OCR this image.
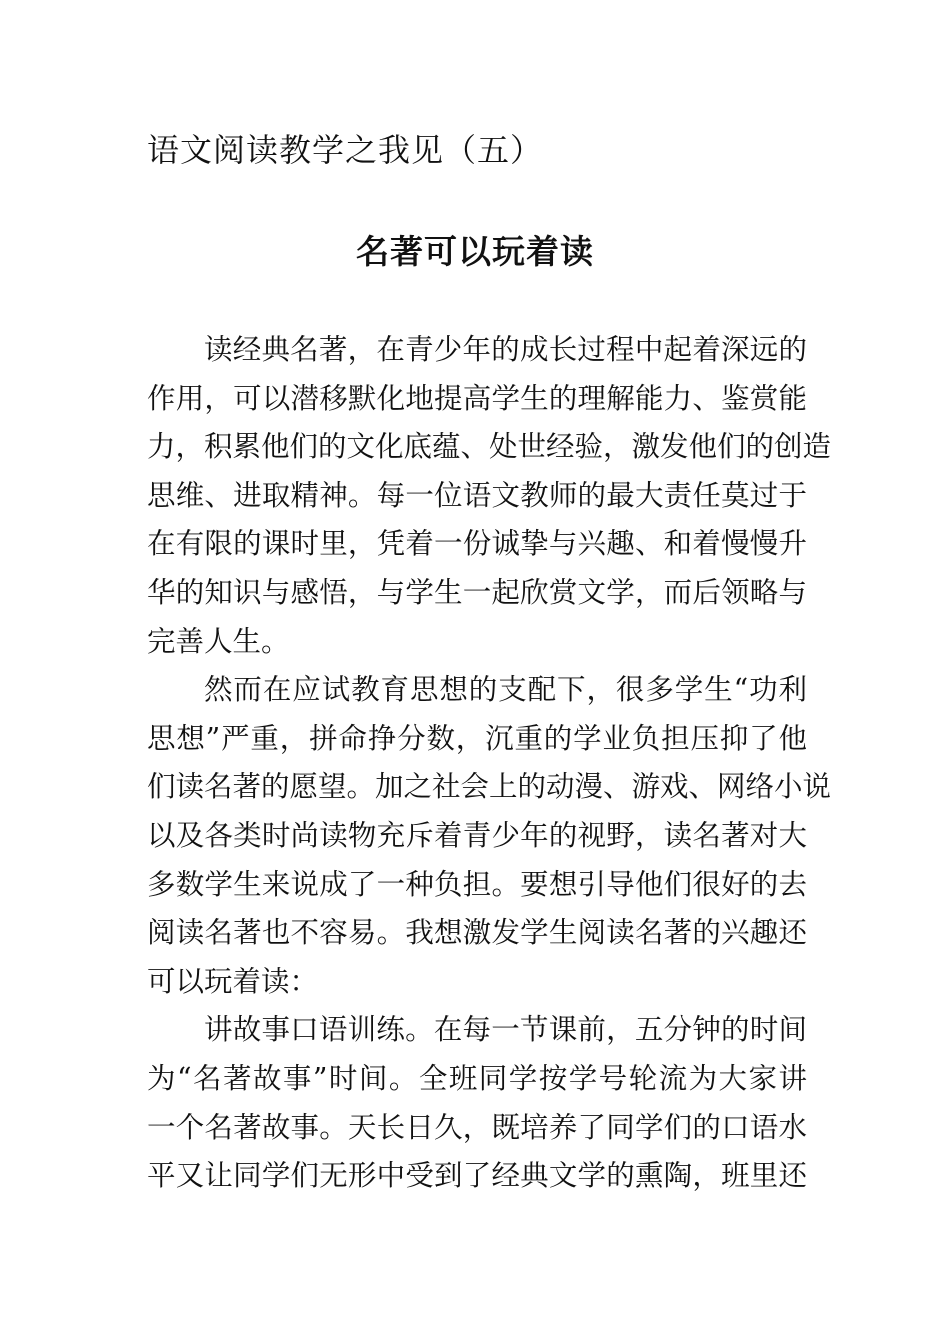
语文阅读教学之我见（五）
名著可以玩着读
读经典名著，在青少年的成长过程中起着深远的
作用，可以潜移默化地提高学生的理解能力、鉴赏能
力，积累他们的文化底蕴、处世经验，激发他们的创造
思维、进取精神。每一位语文教师的最大责任莫过于
在有限的课时里，凭着一份诚挚与兴趣、和着慢慢升
华的知识与感悟，与学生一起欣赏文学，而后领略与
完善人生。
然而在应试教育思想的支配下，很多学生“功利
思想”严重，拼命挣分数，沉重的学业负担压抑了他
们读名著的愿望。加之社会上的动漫、游戏、网络小说
以及各类时尚读物充斥着青少年的视野，读名著对大
多数学生来说成了一种负担。要想引导他们很好的去
阅读名著也不容易。我想激发学生阅读名著的兴趣还
可以玩着读：
讲故事口语训练。在每一节课前，五分钟的时间
为“名著故事”时间。全班同学按学号轮流为大家讲
一个名著故事。天长日久，既培养了同学们的口语水
平又让同学们无形中受到了经典文学的熏陶，班里还
